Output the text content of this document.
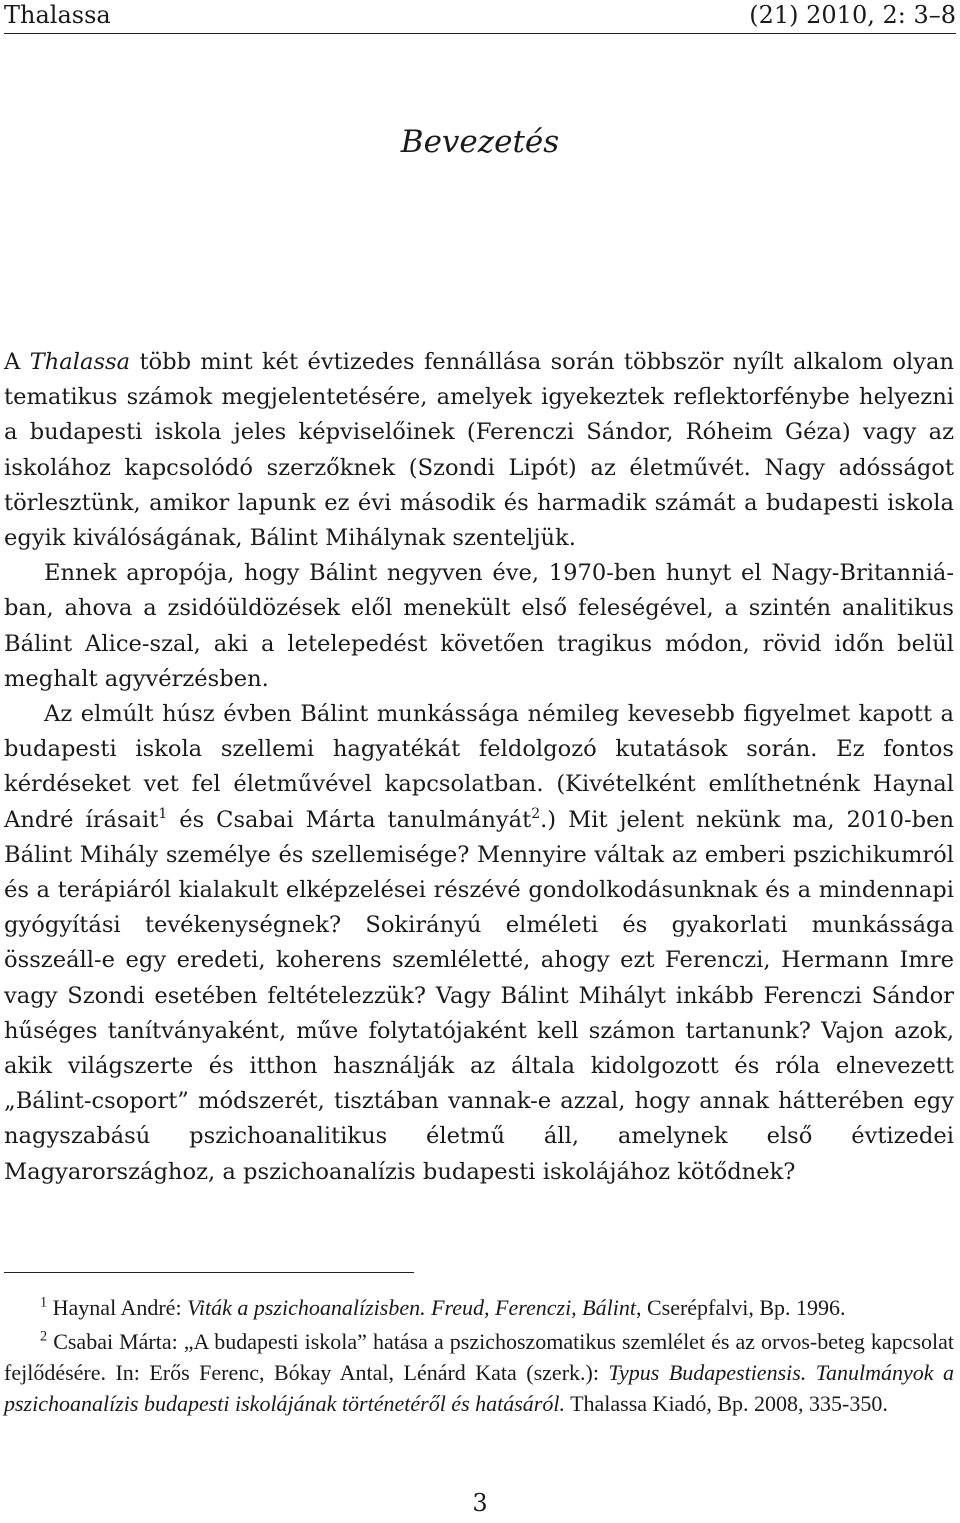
Thalassa	(21) 2010, 2: 3–8
Bevezetés

A Thalassa több mint két évtizedes fennállása során többször nyílt alkalom olyan tematikus számok megjelentetésére, amelyek igyekeztek reflektorfénybe helyezni a budapesti iskola jeles képviselőinek (Ferenczi Sándor, Róheim Géza) vagy az iskolához kapcsolódó szerzőknek (Szondi Lipót) az életművét. Nagy adósságot törlesztünk, amikor lapunk ez évi második és harmadik számát a budapesti iskola egyik kiválóságának, Bálint Mihálynak szenteljük.

Ennek apropója, hogy Bálint negyven éve, 1970-ben hunyt el Nagy-Britanniában, ahova a zsidóüldözések elől menekült első feleségével, a szintén analitikus Bálint Alice-szal, aki a letelepedést követően tragikus módon, rövid időn belül meghalt agyvérzésben.

Az elmúlt húsz évben Bálint munkássága némileg kevesebb figyelmet kapott a budapesti iskola szellemi hagyatékát feldolgozó kutatások során. Ez fontos kérdéseket vet fel életművével kapcsolatban. (Kivételként említhetnénk Haynal André írásait$^1$ és Csabai Márta tanulmányát$^2$.) Mit jelent nekünk ma, 2010-ben Bálint Mihály személye és szellemisége? Mennyire váltak az emberi pszichikumról és a terápiáról kialakult elképzelései részévé gondolkodásunknak és a mindennapi gyógyítási tevékenységnek? Sokirányú elméleti és gyakorlati munkássága összeáll-e egy eredeti, koherens szemléletté, ahogy ezt Ferenczi, Hermann Imre vagy Szondi esetében feltételezzük? Vagy Bálint Mihályt inkább Ferenczi Sándor hűséges tanítványaként, műve folytatójaként kell számon tartanunk? Vajon azok, akik világszerte és itthon használják az általa kidolgozott és róla elnevezett „Bálint-csoport” módszerét, tisztában vannak-e azzal, hogy annak hátterében egy nagyszabású pszichoanalitikus életmű áll, amelynek első évtizedei Magyarországhoz, a pszichoanalízis budapesti iskolájához kötődnek?

$^1$ Haynal André: Viták a pszichoanalízisben. Freud, Ferenczi, Bálint, Cserépfalvi, Bp. 1996.

$^2$ Csabai Márta: „A budapesti iskola” hatása a pszichoszomatikus szemlélet és az orvos-beteg kapcsolat fejlődésére. In: Erős Ferenc, Bókay Antal, Lénárd Kata (szerk.): Typus Budapestiensis. Tanulmányok a pszichoanalízis budapesti iskolájának történetéről és hatásáról. Thalassa Kiadó, Bp. 2008, 335-350.

3
